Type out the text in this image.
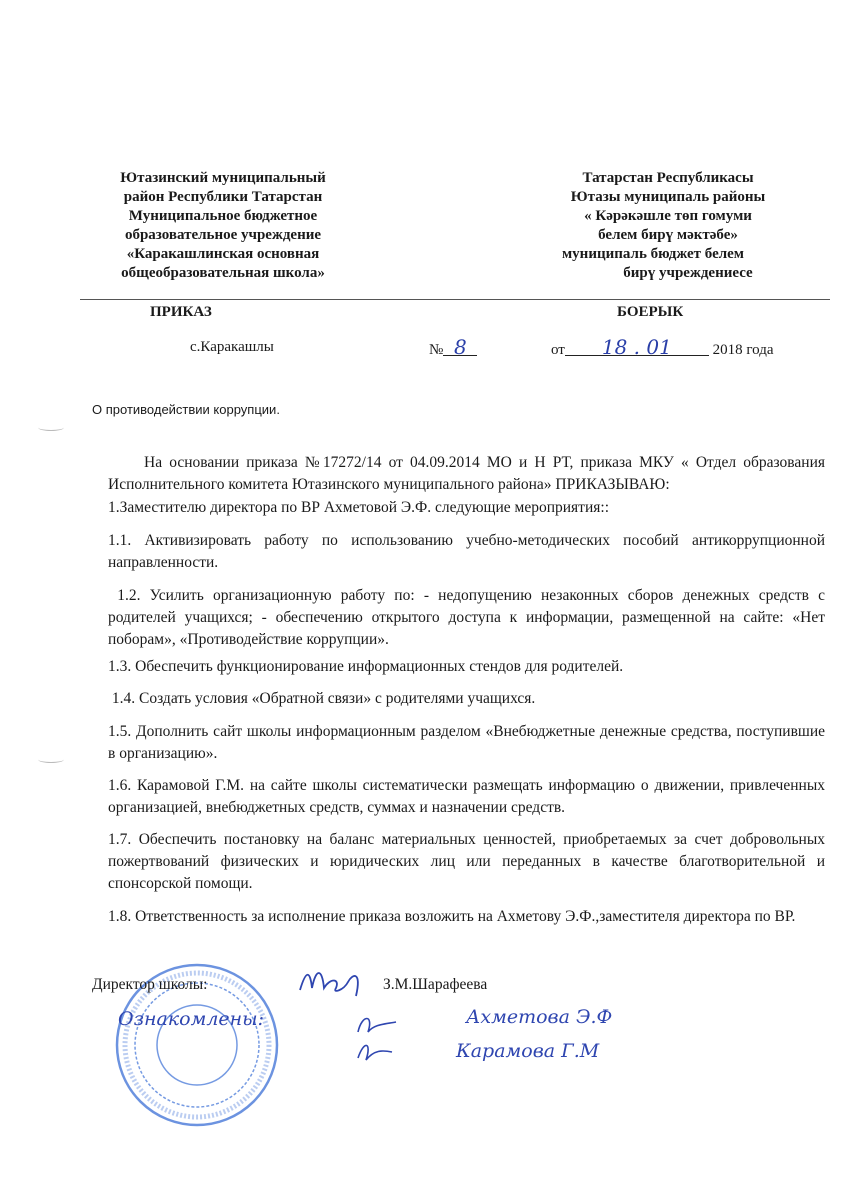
Ютазинский муниципальный
район Республики Татарстан
Муниципальное бюджетное
образовательное учреждение
«Каракашлинская основная
общеобразовательная школа»
Татарстан Республикасы
Ютазы муниципаль районы
« Кәрәкәшле төп гомуми
белем бирү мәктәбе»
муниципаль бюджет белем
бирү учреждениесе
ПРИКАЗ	БОЕРЫК
с.Каракашлы	№ 8	от 18 . 01	2018 года
О противодействии коррупции.
На основании приказа №17272/14 от 04.09.2014 МО и Н РТ, приказа МКУ « Отдел образования Исполнительного комитета Ютазинского муниципального района» ПРИКАЗЫВАЮ:
1.Заместителю директора по ВР Ахметовой Э.Ф. следующие мероприятия::
1.1. Активизировать работу по использованию учебно-методических пособий антикоррупционной направленности.
1.2. Усилить организационную работу по: - недопущению незаконных сборов денежных средств с родителей учащихся; - обеспечению открытого доступа к информации, размещенной на сайте: «Нет поборам», «Противодействие коррупции».
1.3. Обеспечить функционирование информационных стендов для родителей.
1.4. Создать условия «Обратной связи» с родителями учащихся.
1.5. Дополнить сайт школы информационным разделом «Внебюджетные денежные средства, поступившие в организацию».
1.6. Карамовой Г.М. на сайте школы систематически размещать информацию о движении, привлеченных организацией, внебюджетных средств, суммах и назначении средств.
1.7. Обеспечить постановку на баланс материальных ценностей, приобретаемых за счет добровольных пожертвований физических и юридических лиц или переданных в качестве благотворительной и спонсорской помощи.
1.8. Ответственность за исполнение приказа возложить на Ахметову Э.Ф.,заместителя директора по ВР.
Директор школы:	З.М.Шарафеева
Ознакомлены:	Ахметова Э.Ф
Карамова Г.М
